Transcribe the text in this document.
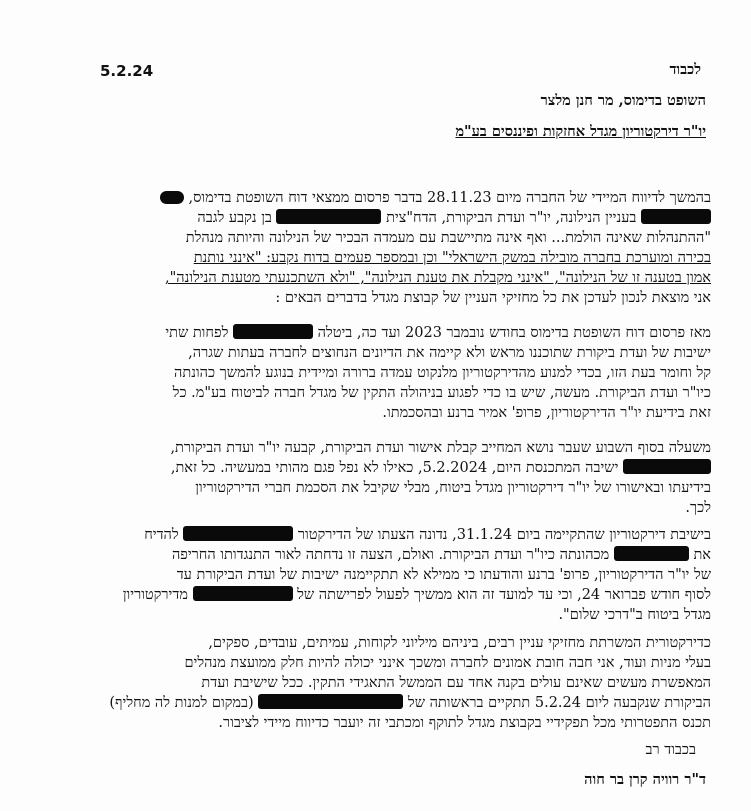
5.2.24	לכבוד
השופט בדימוס, מר חנן מלצר
יו"ר דירקטוריון מגדל אחזקות ופיננסים בע"מ
בהמשך לדיווח המיידי של החברה מיום 28.11.23 בדבר פרסום ממצאי דוח השופטת בדימוס,
בעניין הנילונה, יו"ר ועדת הביקורת, הדח"צית  בן נקבע לגבה
"ההתנהלות שאינה הולמת... ואף אינה מתיישבת עם מעמדה הבכיר של הנילונה והיותה מנהלת
בכירה ומוערכת בחברה מובילה במשק הישראלי" וכן ובמספר פעמים בדוח נקבע: "אינני נותנת
אמון בטענה זו של הנילונה", "אינני מקבלת את טענת הנילונה", "ולא השתכנעתי מטענת הנילונה",
אני מוצאת לנכון לעדכן את כל מחזיקי העניין של קבוצת מגדל בדברים הבאים :
מאז פרסום דוח השופטת בדימוס בחודש נובמבר 2023 ועד כה, ביטלה  לפחות שתי
ישיבות של ועדת ביקורת שתוכננו מראש ולא קיימה את הדיונים הנחוצים לחברה בעתות שגרה,
קל וחומר בעת הזו, בכדי למנוע מהדירקטוריון מלנקוט עמדה ברורה ומיידית בנוגע להמשך כהונתה
כיו"ר ועדת הביקורת. מעשה, שיש בו כדי לפגוע בניהולה התקין של מגדל חברה לביטוח בע"מ. כל
זאת בידיעת יו"ר הדירקטוריון, פרופ' אמיר ברנע ובהסכמתו.
משעלה בסוף השבוע שעבר נושא המחייב קבלת אישור ועדת הביקורת, קבעה יו"ר ועדת הביקורת,
ישיבה המתכנסת היום, 5.2.2024, כאילו לא נפל פגם מהותי במעשיה. כל זאת,
בידיעתו ובאישורו של יו"ר דירקטוריון מגדל ביטוח, מבלי שקיבל את הסכמת חברי הדירקטוריון
לכך.
בישיבת דירקטוריון שהתקיימה ביום 31.1.24, נדונה הצעתו של הדירקטור  להדיח
את  מכהונתה כיו"ר ועדת הביקורת. ואולם, הצעה זו נדחתה לאור התנגדותו החריפה
של יו"ר הדירקטוריון, פרופ' ברנע והודעתו כי ממילא לא תתקיימנה ישיבות של ועדת הביקורת עד
לסוף חודש פברואר 24, וכי עד למועד זה הוא ממשיך לפעול לפרישתה של  מדירקטוריון
מגדל ביטוח ב"דרכי שלום".
כדירקטורית המשרתת מחזיקי עניין רבים, ביניהם מיליוני לקוחות, עמיתים, עובדים, ספקים,
בעלי מניות ועוד, אני חבה חובת אמונים לחברה ומשכך אינני יכולה להיות חלק ממועצת מנהלים
המאפשרת מעשים שאינם עולים בקנה אחד עם הממשל התאגידי התקין. ככל שישיבת ועדת
הביקורת שנקבעה ליום 5.2.24 תתקיים בראשותה של  (במקום למנות לה מחליף)
תכנס התפטרותי מכל תפקידיי בקבוצת מגדל לתוקף ומכתבי זה יועבר כדיווח מיידי לציבור.
בכבוד רב
ד"ר רוויה קרן בר חוה
